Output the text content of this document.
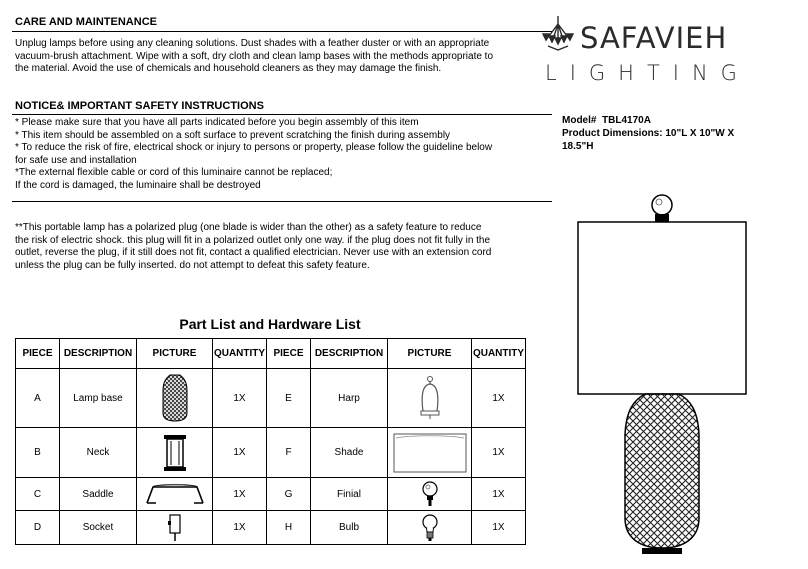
CARE AND MAINTENANCE
Unplug lamps before using any cleaning solutions. Dust shades with a feather duster or with an appropriate
vacuum-brush attachment. Wipe with a soft, dry cloth and clean lamp bases with the methods appropriate to
the material. Avoid the use of chemicals and household cleaners as they may damage the finish.
NOTICE& IMPORTANT SAFETY INSTRUCTIONS
* Please make sure that you have all parts indicated before you begin assembly of this item
* This item should be assembled on a soft surface to prevent scratching the finish during assembly
* To reduce the risk of fire, electrical shock or injury to persons or property, please follow the guideline below
for safe use and installation
*The external flexible cable or cord of this luminaire cannot be replaced;
If the cord is damaged, the luminaire shall be destroyed
**This portable lamp has a polarized plug (one blade is wider than the other) as a safety feature to reduce
the risk of electric shock. this plug will fit in a polarized outlet only one way. if the plug does not fit fully in the
outlet, reverse the plug, if it still does not fit, contact a qualified electrician. Never use with an extension cord
unless the plug can be fully inserted. do not attempt to defeat this safety feature.
SAFAVIEH
LIGHTING
Model# TBL4170A
Product Dimensions: 10"L X 10"W X
18.5"H
Part List and Hardware List
PIECE	DESCRIPTION	PICTURE	QUANTITY	PIECE	DESCRIPTION	PICTURE	QUANTITY
A	Lamp base		1X	E	Harp		1X
B	Neck		1X	F	Shade		1X
C	Saddle		1X	G	Finial		1X
D	Socket		1X	H	Bulb		1X
